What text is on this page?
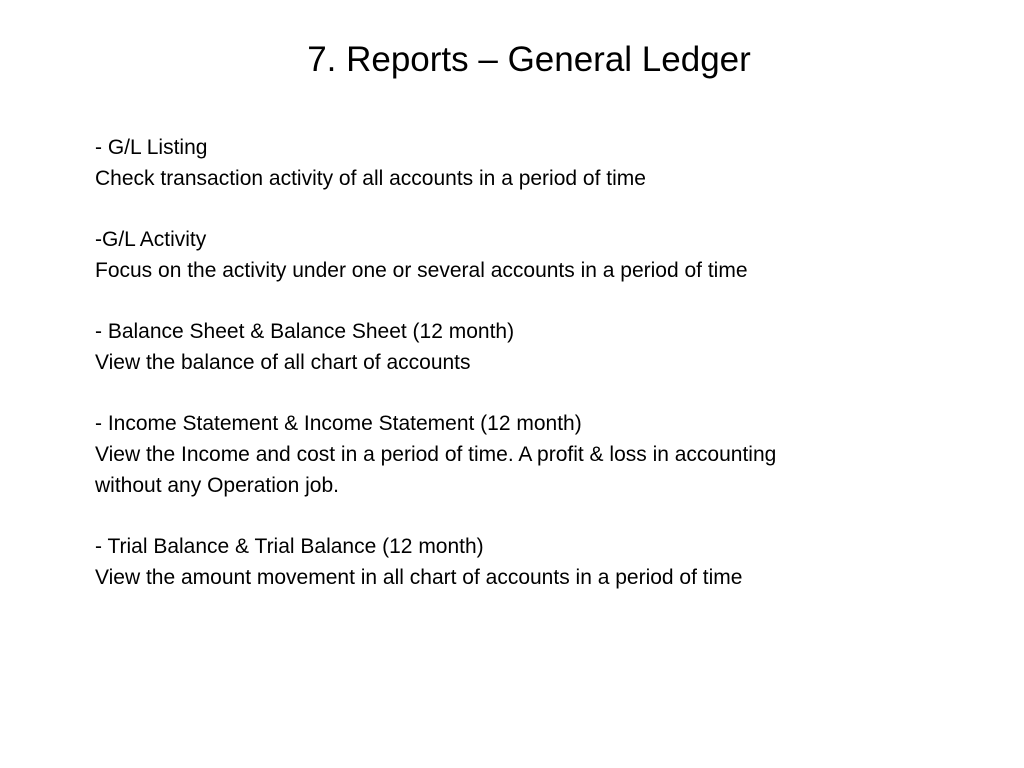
7. Reports – General Ledger
- G/L Listing
Check transaction activity of all accounts in a period of time
-G/L Activity
Focus on the activity under one or several accounts in a period of time
- Balance Sheet & Balance Sheet (12 month)
View the balance of all chart of accounts
- Income Statement & Income Statement (12 month)
View the Income and cost in a period of time. A profit & loss in accounting
without any Operation job.
- Trial Balance & Trial Balance (12 month)
View the amount movement in all chart of accounts in a period of time
